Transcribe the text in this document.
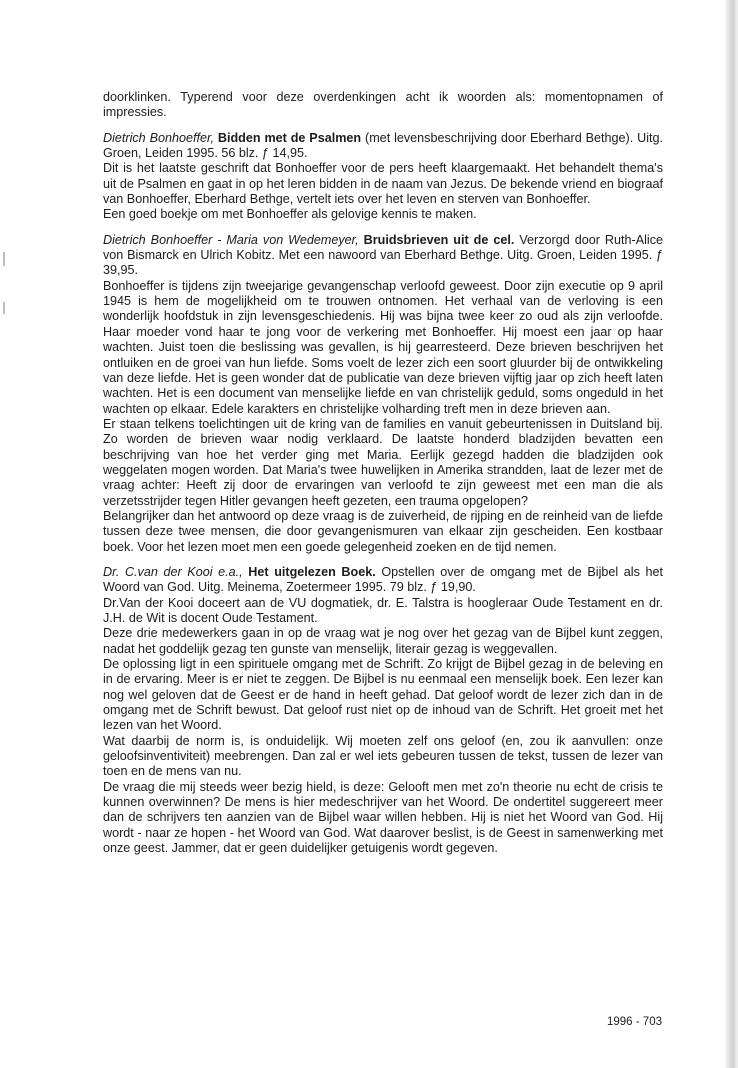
doorklinken. Typerend voor deze overdenkingen acht ik woorden als: momentopnamen of impressies.

Dietrich Bonhoeffer, Bidden met de Psalmen (met levensbeschrijving door Eberhard Bethge). Uitg. Groen, Leiden 1995. 56 blz. ƒ 14,95.

Dit is het laatste geschrift dat Bonhoeffer voor de pers heeft klaargemaakt. Het behandelt thema's uit de Psalmen en gaat in op het leren bidden in de naam van Jezus. De bekende vriend en biograaf van Bonhoeffer, Eberhard Bethge, vertelt iets over het leven en sterven van Bonhoeffer.

Een goed boekje om met Bonhoeffer als gelovige kennis te maken.

Dietrich Bonhoeffer - Maria von Wedemeyer, Bruidsbrieven uit de cel. Verzorgd door Ruth-Alice von Bismarck en Ulrich Kobitz. Met een nawoord van Eberhard Bethge. Uitg. Groen, Leiden 1995. ƒ 39,95.

Bonhoeffer is tijdens zijn tweejarige gevangenschap verloofd geweest. Door zijn executie op 9 april 1945 is hem de mogelijkheid om te trouwen ontnomen. Het verhaal van de verloving is een wonderlijk hoofdstuk in zijn levensgeschiedenis. Hij was bijna twee keer zo oud als zijn verloofde. Haar moeder vond haar te jong voor de verkering met Bonhoeffer. Hij moest een jaar op haar wachten. Juist toen die beslissing was gevallen, is hij gearresteerd. Deze brieven beschrijven het ontluiken en de groei van hun liefde. Soms voelt de lezer zich een soort gluurder bij de ontwikkeling van deze liefde. Het is geen wonder dat de publicatie van deze brieven vijftig jaar op zich heeft laten wachten. Het is een document van menselijke liefde en van christelijk geduld, soms ongeduld in het wachten op elkaar. Edele karakters en christelijke volharding treft men in deze brieven aan.

Er staan telkens toelichtingen uit de kring van de families en vanuit gebeurtenissen in Duitsland bij. Zo worden de brieven waar nodig verklaard. De laatste honderd bladzijden bevatten een beschrijving van hoe het verder ging met Maria. Eerlijk gezegd hadden die bladzijden ook weggelaten mogen worden. Dat Maria's twee huwelijken in Amerika strandden, laat de lezer met de vraag achter: Heeft zij door de ervaringen van verloofd te zijn geweest met een man die als verzetsstrijder tegen Hitler gevangen heeft gezeten, een trauma opgelopen?

Belangrijker dan het antwoord op deze vraag is de zuiverheid, de rijping en de reinheid van de liefde tussen deze twee mensen, die door gevangenismuren van elkaar zijn gescheiden. Een kostbaar boek. Voor het lezen moet men een goede gelegenheid zoeken en de tijd nemen.

Dr. C.van der Kooi e.a., Het uitgelezen Boek. Opstellen over de omgang met de Bijbel als het Woord van God. Uitg. Meinema, Zoetermeer 1995. 79 blz. ƒ 19,90.

Dr.Van der Kooi doceert aan de VU dogmatiek, dr. E. Talstra is hoogleraar Oude Testament en dr. J.H. de Wit is docent Oude Testament.

Deze drie medewerkers gaan in op de vraag wat je nog over het gezag van de Bijbel kunt zeggen, nadat het goddelijk gezag ten gunste van menselijk, literair gezag is weggevallen.

De oplossing ligt in een spirituele omgang met de Schrift. Zo krijgt de Bijbel gezag in de beleving en in de ervaring. Meer is er niet te zeggen. De Bijbel is nu eenmaal een menselijk boek. Een lezer kan nog wel geloven dat de Geest er de hand in heeft gehad. Dat geloof wordt de lezer zich dan in de omgang met de Schrift bewust. Dat geloof rust niet op de inhoud van de Schrift. Het groeit met het lezen van het Woord.

Wat daarbij de norm is, is onduidelijk. Wij moeten zelf ons geloof (en, zou ik aanvullen: onze geloofsinventiviteit) meebrengen. Dan zal er wel iets gebeuren tussen de tekst, tussen de lezer van toen en de mens van nu.

De vraag die mij steeds weer bezig hield, is deze: Gelooft men met zo'n theorie nu echt de crisis te kunnen overwinnen? De mens is hier medeschrijver van het Woord. De ondertitel suggereert meer dan de schrijvers ten aanzien van de Bijbel waar willen hebben. Hij is niet het Woord van God. Hij wordt - naar ze hopen - het Woord van God. Wat daarover beslist, is de Geest in samenwerking met onze geest. Jammer, dat er geen duidelijker getuigenis wordt gegeven.

1996 - 703
